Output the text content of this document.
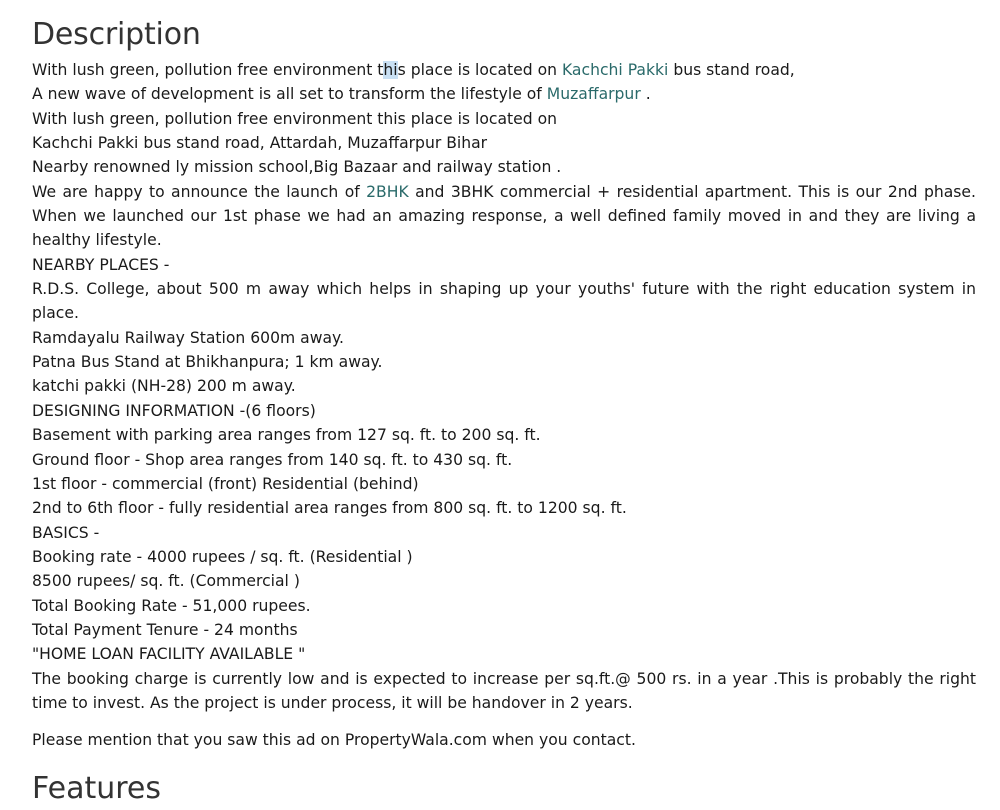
Description
With lush green, pollution free environment this place is located on Kachchi Pakki bus stand road,
A new wave of development is all set to transform the lifestyle of Muzaffarpur .
With lush green, pollution free environment this place is located on
Kachchi Pakki bus stand road, Attardah, Muzaffarpur Bihar
Nearby renowned ly mission school,Big Bazaar and railway station .
We are happy to announce the launch of 2BHK and 3BHK commercial + residential apartment. This is our 2nd phase. When we launched our 1st phase we had an amazing response, a well defined family moved in and they are living a healthy lifestyle.
NEARBY PLACES -
R.D.S. College, about 500 m away which helps in shaping up your youths' future with the right education system in place.
Ramdayalu Railway Station 600m away.
Patna Bus Stand at Bhikhanpura; 1 km away.
katchi pakki (NH-28) 200 m away.
DESIGNING INFORMATION -(6 floors)
Basement with parking area ranges from 127 sq. ft. to 200 sq. ft.
Ground floor - Shop area ranges from 140 sq. ft. to 430 sq. ft.
1st floor - commercial (front) Residential (behind)
2nd to 6th floor - fully residential area ranges from 800 sq. ft. to 1200 sq. ft.
BASICS -
Booking rate - 4000 rupees / sq. ft. (Residential )
8500 rupees/ sq. ft. (Commercial )
Total Booking Rate - 51,000 rupees.
Total Payment Tenure - 24 months
"HOME LOAN FACILITY AVAILABLE "
The booking charge is currently low and is expected to increase per sq.ft.@ 500 rs. in a year .This is probably the right time to invest. As the project is under process, it will be handover in 2 years.
Please mention that you saw this ad on PropertyWala.com when you contact.
Features
